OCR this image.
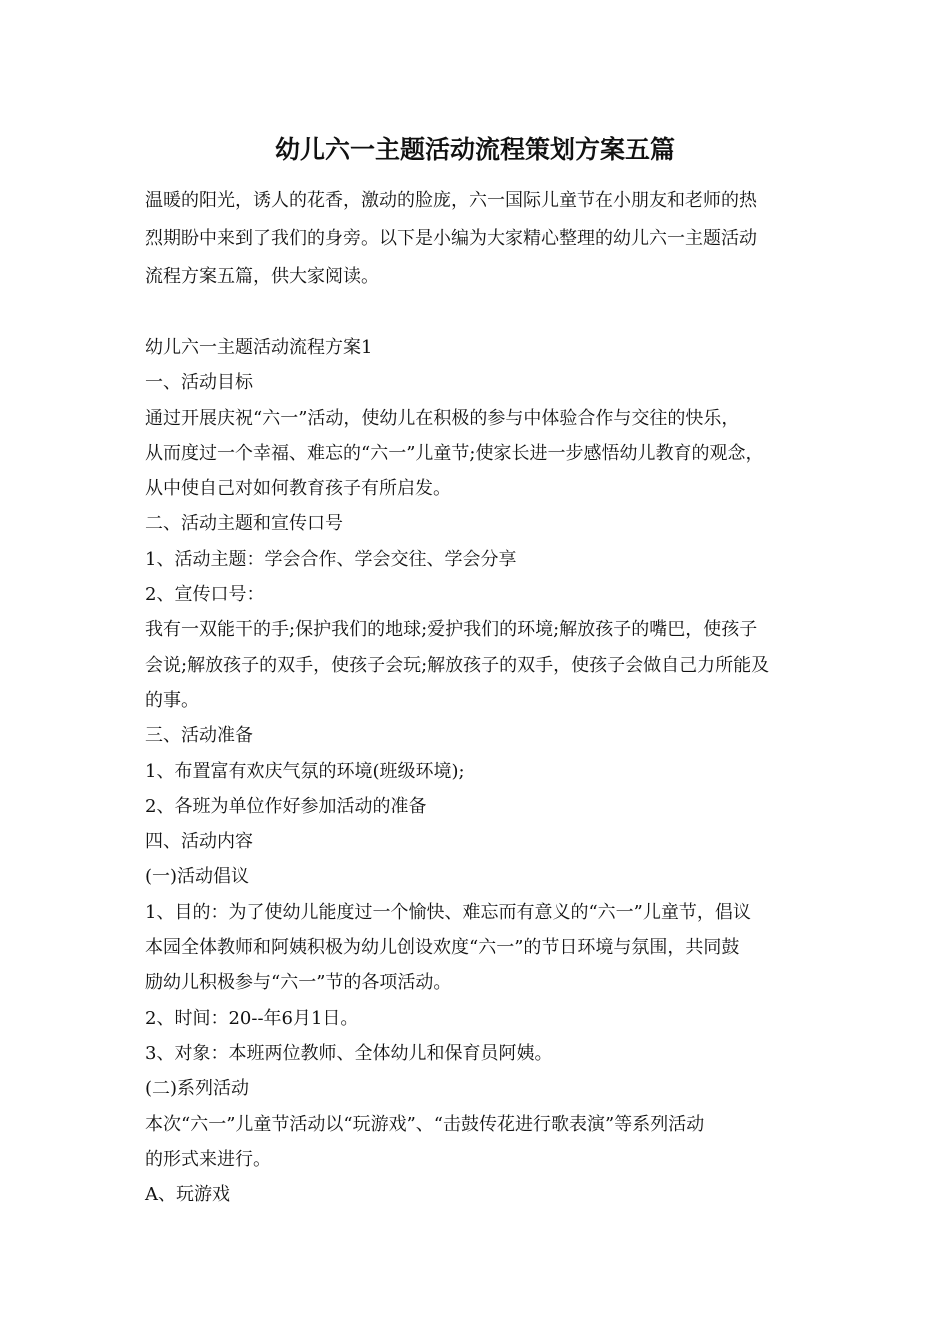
幼儿六一主题活动流程策划方案五篇
温暖的阳光，诱人的花香，激动的脸庞，六一国际儿童节在小朋友和老师的热
烈期盼中来到了我们的身旁。以下是小编为大家精心整理的幼儿六一主题活动
流程方案五篇，供大家阅读。
幼儿六一主题活动流程方案1
一、活动目标
通过开展庆祝“六一”活动，使幼儿在积极的参与中体验合作与交往的快乐，
从而度过一个幸福、难忘的“六一”儿童节;使家长进一步感悟幼儿教育的观念，
从中使自己对如何教育孩子有所启发。
二、活动主题和宣传口号
1、活动主题：学会合作、学会交往、学会分享
2、宣传口号：
我有一双能干的手;保护我们的地球;爱护我们的环境;解放孩子的嘴巴，使孩子
会说;解放孩子的双手，使孩子会玩;解放孩子的双手，使孩子会做自己力所能及
的事。
三、活动准备
1、布置富有欢庆气氛的环境(班级环境);
2、各班为单位作好参加活动的准备
四、活动内容
(一)活动倡议
1、目的：为了使幼儿能度过一个愉快、难忘而有意义的“六一”儿童节，倡议
本园全体教师和阿姨积极为幼儿创设欢度“六一”的节日环境与氛围，共同鼓
励幼儿积极参与“六一”节的各项活动。
2、时间：20--年6月1日。
3、对象：本班两位教师、全体幼儿和保育员阿姨。
(二)系列活动
本次“六一”儿童节活动以“玩游戏”、“击鼓传花进行歌表演”等系列活动
的形式来进行。
A、玩游戏
